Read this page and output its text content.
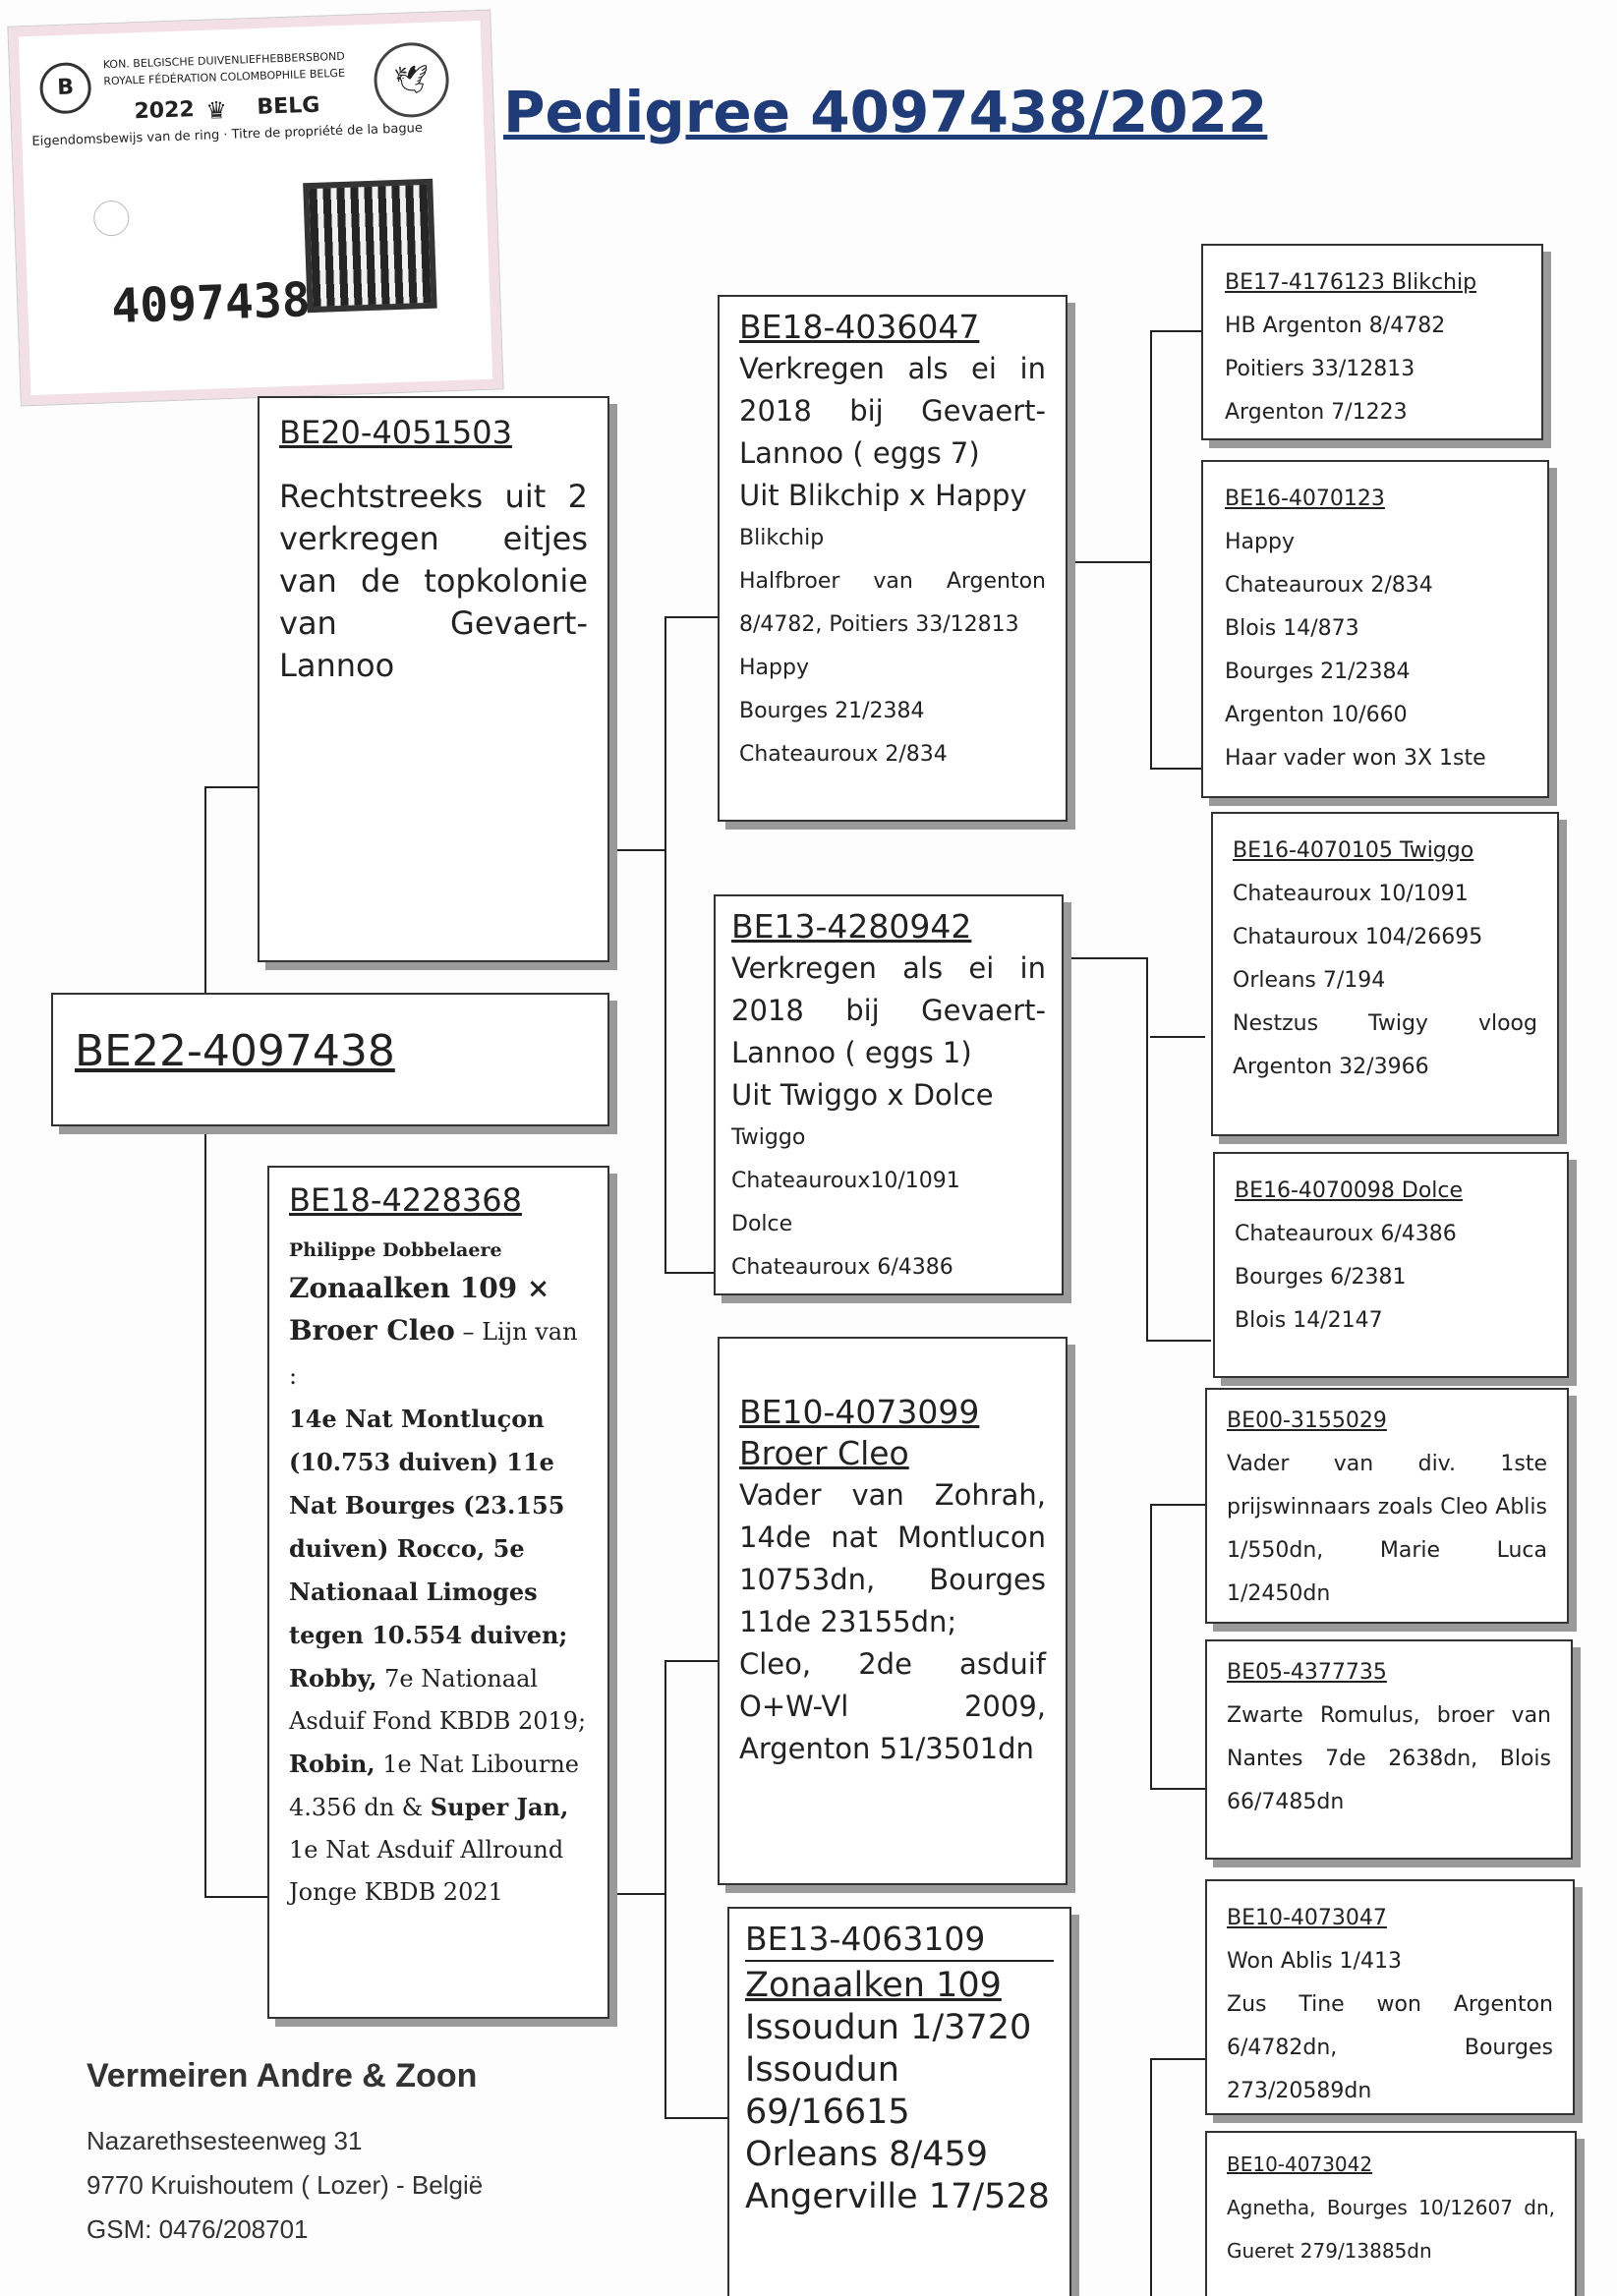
B
KON. BELGISCHE DUIVENLIEFHEBBERSBOND
ROYALE FÉDÉRATION COLOMBOPHILE BELGE
2022 ♛ BELG
🕊
Eigendomsbewijs van de ring · Titre de propriété de la bague
4097438
Pedigree 4097438/2022
BE22-4097438
BE20-4051503
Rechtstreeks uit 2 verkregen eitjes van de topkolonie van Gevaert-Lannoo
BE18-4228368
Philippe Dobbelaere
Zonaalken 109 ×
Broer Cleo – Lijn van :
14e Nat Montluçon (10.753 duiven) 11e Nat Bourges (23.155 duiven) Rocco, 5e Nationaal Limoges tegen 10.554 duiven; Robby, 7e Nationaal Asduif Fond KBDB 2019; Robin, 1e Nat Libourne 4.356 dn & Super Jan, 1e Nat Asduif Allround Jonge KBDB 2021
BE18-4036047

Verkregen als ei in 2018 bij Gevaert-Lannoo ( eggs 7)

Uit Blikchip x Happy

Blikchip

Halfbroer van Argenton 8/4782, Poitiers 33/12813

Happy

Bourges 21/2384

Chateauroux 2/834

BE13-4280942

Verkregen als ei in 2018 bij Gevaert-Lannoo ( eggs 1)

Uit Twiggo x Dolce

Twiggo

Chateauroux10/1091

Dolce

Chateauroux 6/4386

BE10-4073099
Broer Cleo

Vader van Zohrah, 14de nat Montlucon 10753dn, Bourges 11de 23155dn;

Cleo, 2de asduif O+W-Vl 2009, Argenton 51/3501dn

BE13-4063109
Zonaalken 109

Issoudun 1/3720

Issoudun 69/16615

Orleans 8/459

Angerville 17/528

BE17-4176123 Blikchip

HB Argenton 8/4782

Poitiers 33/12813

Argenton 7/1223

BE16-4070123

Happy

Chateauroux 2/834

Blois 14/873

Bourges 21/2384

Argenton 10/660

Haar vader won 3X 1ste

BE16-4070105 Twiggo

Chateauroux 10/1091

Chatauroux 104/26695

Orleans 7/194

Nestzus Twigy vloog Argenton 32/3966

BE16-4070098 Dolce

Chateauroux 6/4386

Bourges 6/2381

Blois 14/2147

BE00-3155029

Vader van div. 1ste prijswinnaars zoals Cleo Ablis 1/550dn, Marie Luca 1/2450dn

BE05-4377735

Zwarte Romulus, broer van Nantes 7de 2638dn, Blois 66/7485dn

BE10-4073047

Won Ablis 1/413

Zus Tine won Argenton 6/4782dn, Bourges 273/20589dn

BE10-4073042

Agnetha, Bourges 10/12607 dn, Gueret 279/13885dn

Vermeiren Andre & Zoon
Nazarethsesteenweg 31
9770 Kruishoutem ( Lozer) - België
GSM: 0476/208701
